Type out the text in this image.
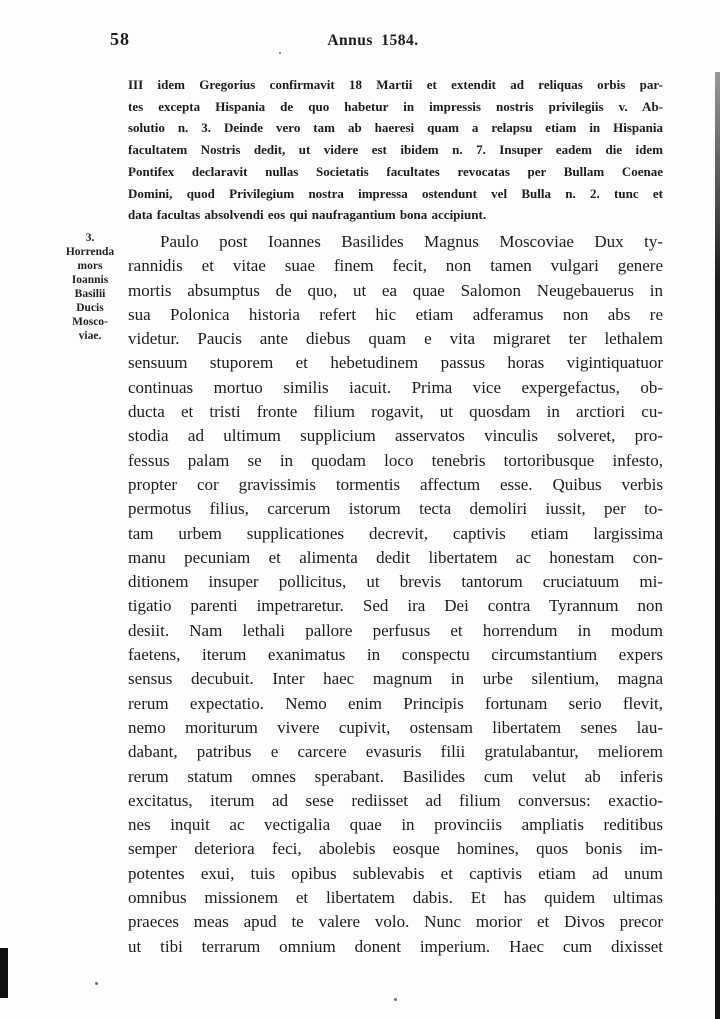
58	Annus 1584.
III idem Gregorius confirmavit 18 Martii et extendit ad reliquas orbis par-
tes excepta Hispania de quo habetur in impressis nostris privilegiis v. Ab-
solutio n. 3. Deinde vero tam ab haeresi quam a relapsu etiam in Hispania
facultatem Nostris dedit, ut videre est ibidem n. 7. Insuper eadem die idem
Pontifex declaravit nullas Societatis facultates revocatas per Bullam Coenae
Domini, quod Privilegium nostra impressa ostendunt vel Bulla n. 2. tunc et
data facultas absolvendi eos qui naufragantium bona accipiunt.
3.
Horrenda
mors
Ioannis
Basilii
Ducis
Mosco-
viae.
Paulo post Ioannes Basilides Magnus Moscoviae Dux ty-
rannidis et vitae suae finem fecit, non tamen vulgari genere
mortis absumptus de quo, ut ea quae Salomon Neugebauerus in
sua Polonica historia refert hic etiam adferamus non abs re
videtur. Paucis ante diebus quam e vita migraret ter lethalem
sensuum stuporem et hebetudinem passus horas vigintiquatuor
continuas mortuo similis iacuit. Prima vice expergefactus, ob-
ducta et tristi fronte filium rogavit, ut quosdam in arctiori cu-
stodia ad ultimum supplicium asservatos vinculis solveret, pro-
fessus palam se in quodam loco tenebris tortoribusque infesto,
propter cor gravissimis tormentis affectum esse. Quibus verbis
permotus filius, carcerum istorum tecta demoliri iussit, per to-
tam urbem supplicationes decrevit, captivis etiam largissima
manu pecuniam et alimenta dedit libertatem ac honestam con-
ditionem insuper pollicitus, ut brevis tantorum cruciatuum mi-
tigatio parenti impetraretur. Sed ira Dei contra Tyrannum non
desiit. Nam lethali pallore perfusus et horrendum in modum
faetens, iterum exanimatus in conspectu circumstantium expers
sensus decubuit. Inter haec magnum in urbe silentium, magna
rerum expectatio. Nemo enim Principis fortunam serio flevit,
nemo moriturum vivere cupivit, ostensam libertatem senes lau-
dabant, patribus e carcere evasuris filii gratulabantur, meliorem
rerum statum omnes sperabant. Basilides cum velut ab inferis
excitatus, iterum ad sese rediisset ad filium conversus: exactio-
nes inquit ac vectigalia quae in provinciis ampliatis reditibus
semper deteriora feci, abolebis eosque homines, quos bonis im-
potentes exui, tuis opibus sublevabis et captivis etiam ad unum
omnibus missionem et libertatem dabis. Et has quidem ultimas
praeces meas apud te valere volo. Nunc morior et Divos precor
ut tibi terrarum omnium donent imperium. Haec cum dixisset
